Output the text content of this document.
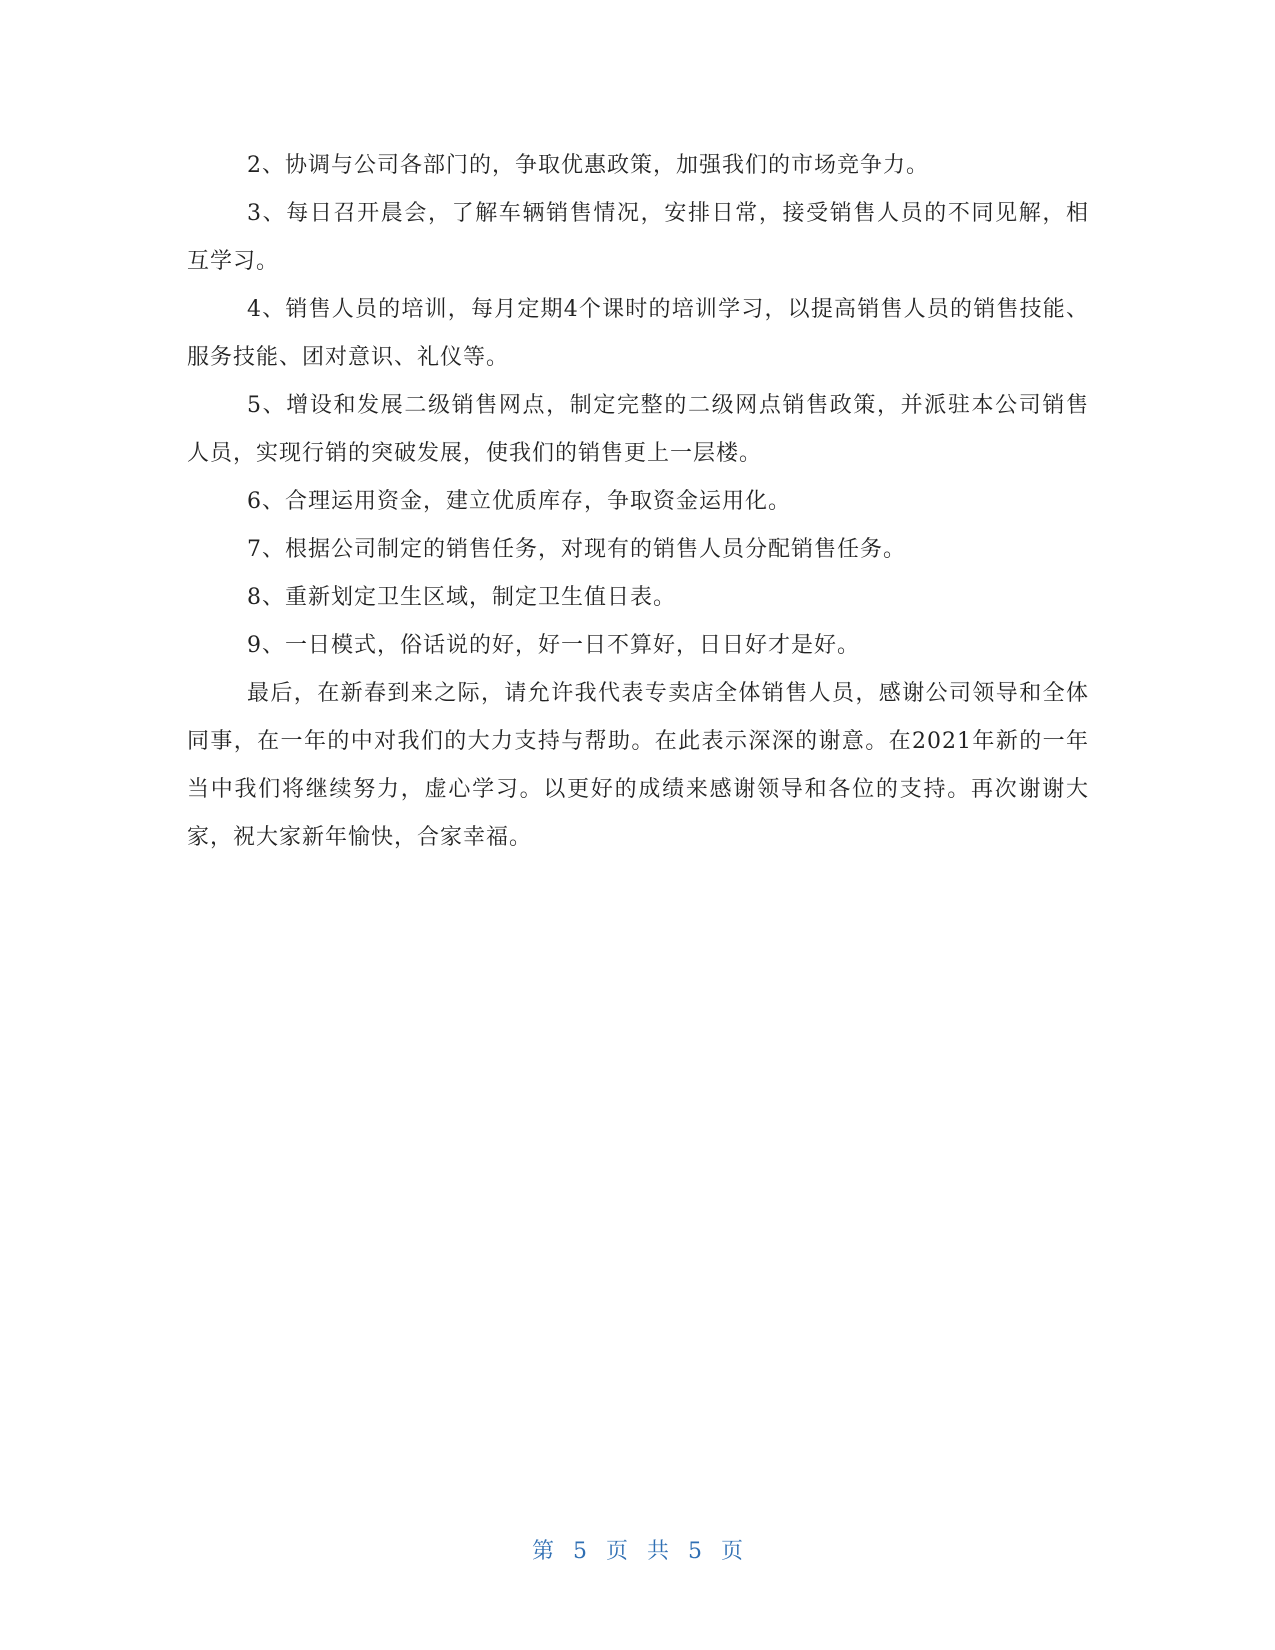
2、协调与公司各部门的，争取优惠政策，加强我们的市场竞争力。

3、每日召开晨会，了解车辆销售情况，安排日常，接受销售人员的不同见解，相互学习。

4、销售人员的培训，每月定期4个课时的培训学习，以提高销售人员的销售技能、服务技能、团对意识、礼仪等。

5、增设和发展二级销售网点，制定完整的二级网点销售政策，并派驻本公司销售人员，实现行销的突破发展，使我们的销售更上一层楼。

6、合理运用资金，建立优质库存，争取资金运用化。

7、根据公司制定的销售任务，对现有的销售人员分配销售任务。

8、重新划定卫生区域，制定卫生值日表。

9、一日模式，俗话说的好，好一日不算好，日日好才是好。

最后，在新春到来之际，请允许我代表专卖店全体销售人员，感谢公司领导和全体同事，在一年的中对我们的大力支持与帮助。在此表示深深的谢意。在2021年新的一年当中我们将继续努力，虚心学习。以更好的成绩来感谢领导和各位的支持。再次谢谢大家，祝大家新年愉快，合家幸福。

第 5 页 共 5 页
